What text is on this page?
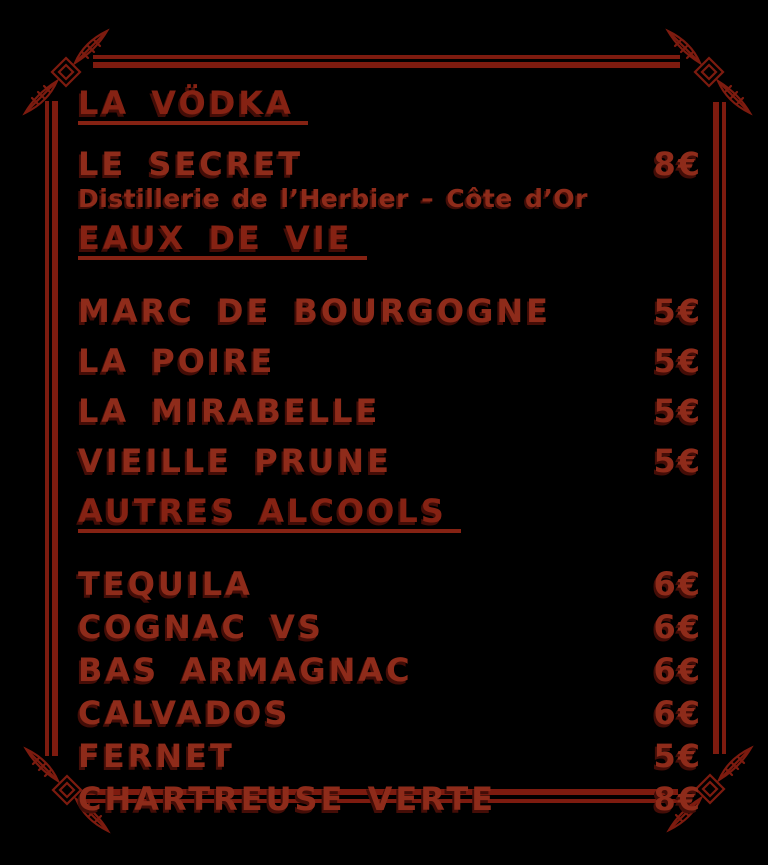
LA VÖDKA
LE SECRET	8€
Distillerie de l’Herbier – Côte d’Or
EAUX DE VIE
MARC DE BOURGOGNE	5€
LA POIRE	5€
LA MIRABELLE	5€
VIEILLE PRUNE	5€
AUTRES ALCOOLS
TEQUILA	6€
COGNAC VS	6€
BAS ARMAGNAC	6€
CALVADOS	6€
FERNET	5€
CHARTREUSE VERTE	8€
